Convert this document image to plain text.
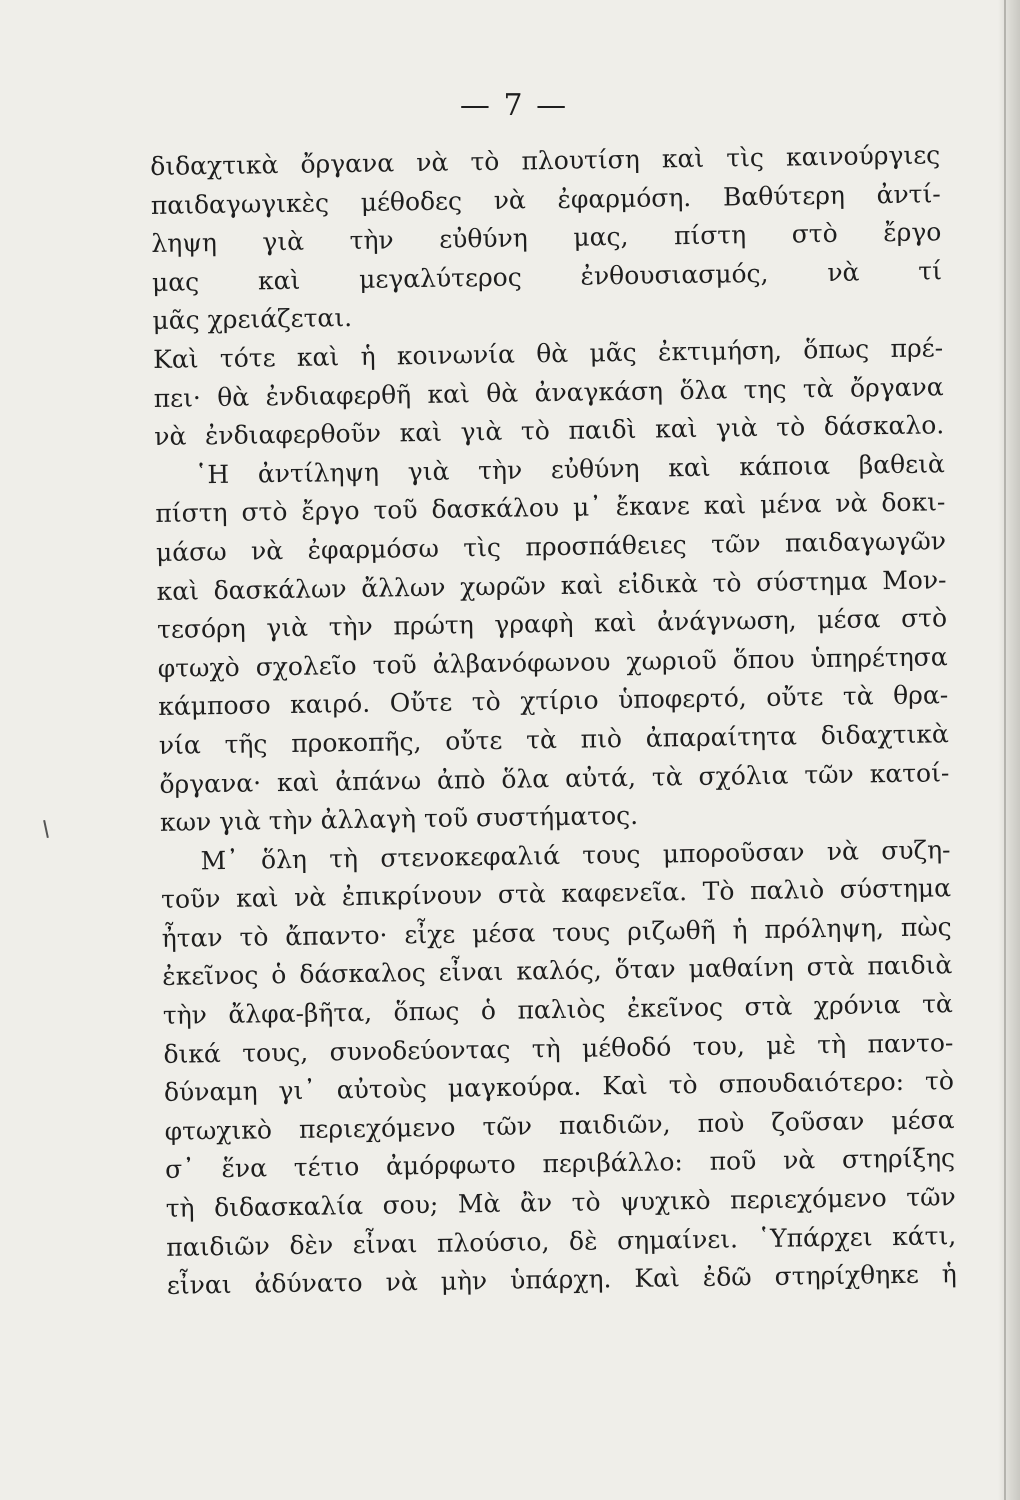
— 7 —
διδαχτικὰ ὄργανα νὰ τὸ πλουτίση καὶ τὶς καινούργιες
παιδαγωγικὲς μέθοδες νὰ ἐφαρμόση. Βαθύτερη ἀντί-
ληψη γιὰ τὴν εὐθύνη μας, πίστη στὸ ἔργο
μας καὶ μεγαλύτερος ἐνθουσιασμός, νὰ τί
μᾶς χρειάζεται.
Καὶ τότε καὶ ἡ κοινωνία θὰ μᾶς ἐκτιμήση, ὅπως πρέ-
πει· θὰ ἐνδιαφερθῆ καὶ θὰ ἀναγκάση ὅλα της τὰ ὄργανα
νὰ ἐνδιαφερθοῦν καὶ γιὰ τὸ παιδὶ καὶ γιὰ τὸ δάσκαλο.
῾Η ἀντίληψη γιὰ τὴν εὐθύνη καὶ κάποια βαθειὰ
πίστη στὸ ἔργο τοῦ δασκάλου μ᾿ ἔκανε καὶ μένα νὰ δοκι-
μάσω νὰ ἐφαρμόσω τὶς προσπάθειες τῶν παιδαγωγῶν
καὶ δασκάλων ἄλλων χωρῶν καὶ εἰδικὰ τὸ σύστημα Μον-
τεσόρη γιὰ τὴν πρώτη γραφὴ καὶ ἀνάγνωση, μέσα στὸ
φτωχὸ σχολεῖο τοῦ ἀλβανόφωνου χωριοῦ ὅπου ὑπηρέτησα
κάμποσο καιρό. Οὔτε τὸ χτίριο ὑποφερτό, οὔτε τὰ θρα-
νία τῆς προκοπῆς, οὔτε τὰ πιὸ ἀπαραίτητα διδαχτικὰ
ὄργανα· καὶ ἀπάνω ἀπὸ ὅλα αὐτά, τὰ σχόλια τῶν κατοί-
κων γιὰ τὴν ἀλλαγὴ τοῦ συστήματος.
Μ᾿ ὅλη τὴ στενοκεφαλιά τους μποροῦσαν νὰ συζη-
τοῦν καὶ νὰ ἐπικρίνουν στὰ καφενεῖα. Τὸ παλιὸ σύστημα
ἦταν τὸ ἄπαντο· εἶχε μέσα τους ριζωθῆ ἡ πρόληψη, πὼς
ἐκεῖνος ὁ δάσκαλος εἶναι καλός, ὅταν μαθαίνη στὰ παιδιὰ
τὴν ἄλφα-βῆτα, ὅπως ὁ παλιὸς ἐκεῖνος στὰ χρόνια τὰ
δικά τους, συνοδεύοντας τὴ μέθοδό του, μὲ τὴ παντο-
δύναμη γι᾿ αὐτοὺς μαγκούρα. Καὶ τὸ σπουδαιότερο: τὸ
φτωχικὸ περιεχόμενο τῶν παιδιῶν, ποὺ ζοῦσαν μέσα
σ᾿ ἕνα τέτιο ἀμόρφωτο περιβάλλο: ποῦ νὰ στηρίξης
τὴ διδασκαλία σου; Μὰ ἂν τὸ ψυχικὸ περιεχόμενο τῶν
παιδιῶν δὲν εἶναι πλούσιο, δὲ σημαίνει. ῾Υπάρχει κάτι,
εἶναι ἀδύνατο νὰ μὴν ὑπάρχη. Καὶ ἐδῶ στηρίχθηκε ἡ
